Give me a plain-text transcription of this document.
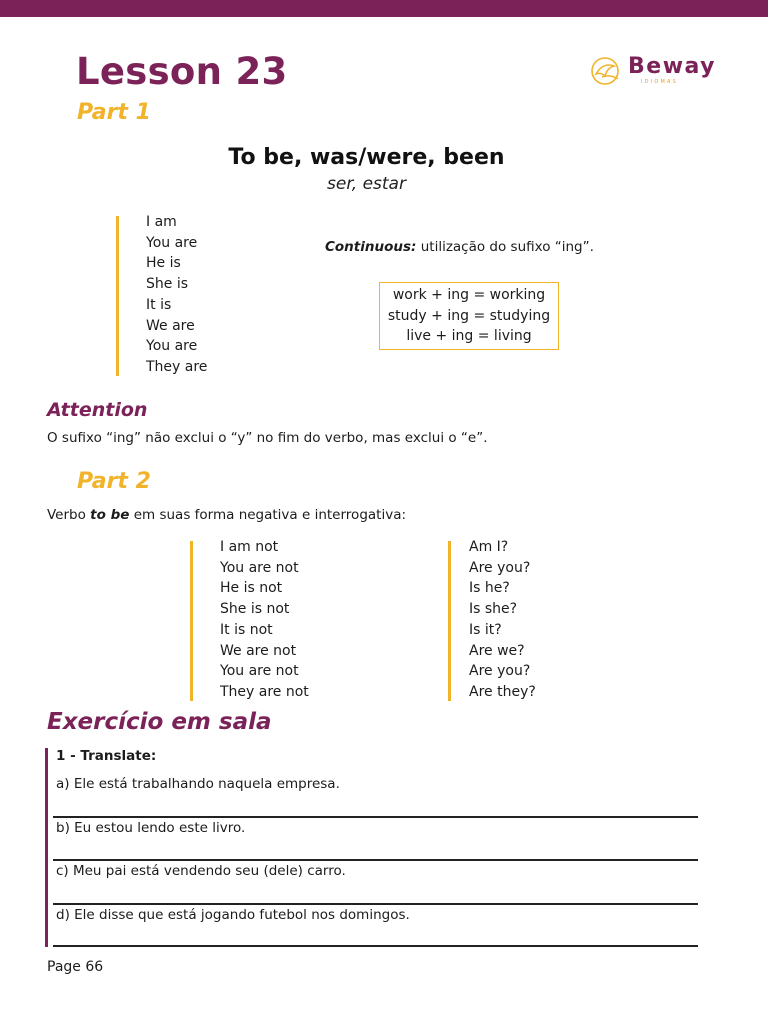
Lesson 23
Part 1
Beway
IDIOMAS
To be, was/were, been
ser, estar
I am
You are
He is
She is
It is
We are
You are
They are
Continuous: utilização do sufixo “ing”.
work + ing = working
study + ing = studying
live + ing = living
Attention
O sufixo “ing” não exclui o “y” no fim do verbo, mas exclui o “e”.
Part 2
Verbo to be em suas forma negativa e interrogativa:
I am not
You are not
He is not
She is not
It is not
We are not
You are not
They are not
Am I?
Are you?
Is he?
Is she?
Is it?
Are we?
Are you?
Are they?
Exercício em sala
1 - Translate:
a) Ele está trabalhando naquela empresa.
b) Eu estou lendo este livro.
c) Meu pai está vendendo seu (dele) carro.
d) Ele disse que está jogando futebol nos domingos.
Page 66
